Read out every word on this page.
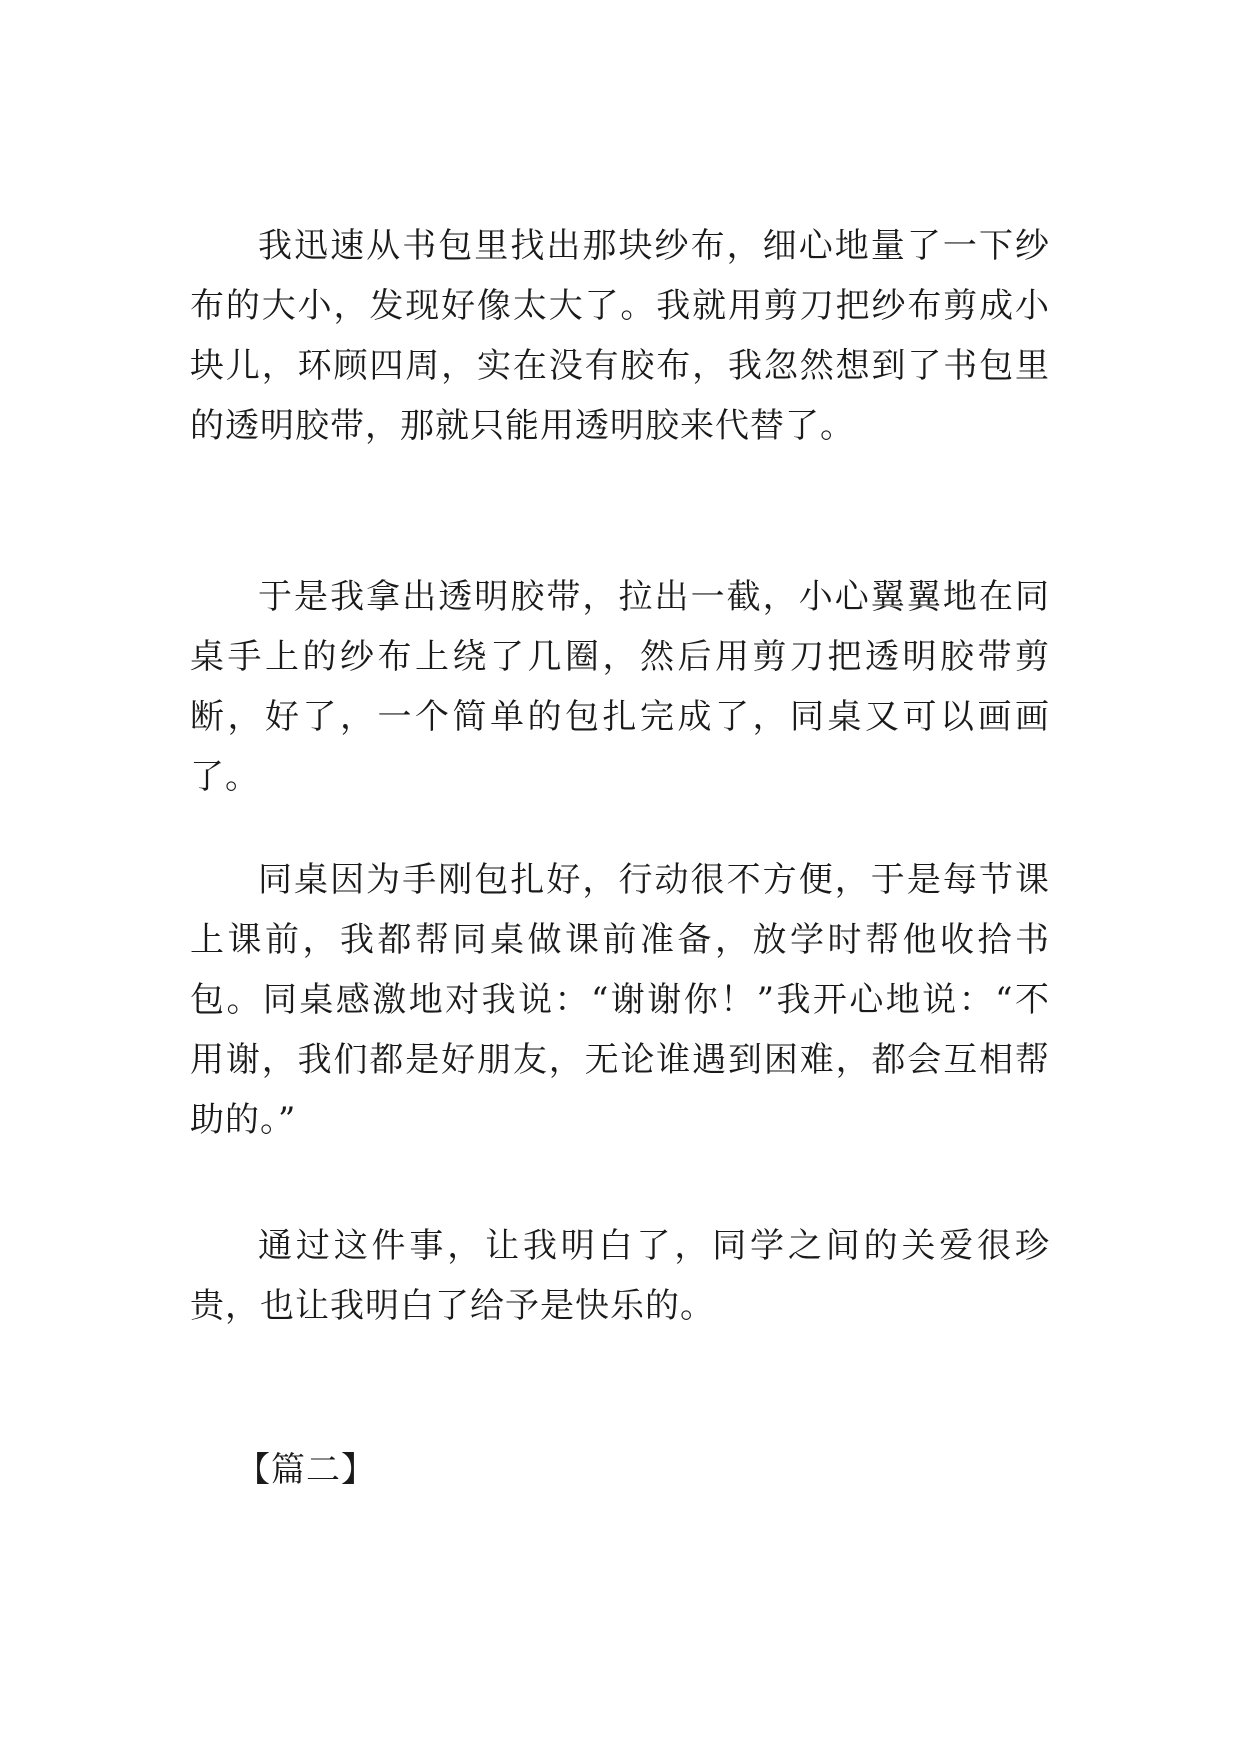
我迅速从书包里找出那块纱布，细心地量了一下纱布的大小，发现好像太大了。我就用剪刀把纱布剪成小块儿，环顾四周，实在没有胶布，我忽然想到了书包里的透明胶带，那就只能用透明胶来代替了。

于是我拿出透明胶带，拉出一截，小心翼翼地在同桌手上的纱布上绕了几圈，然后用剪刀把透明胶带剪断，好了，一个简单的包扎完成了，同桌又可以画画了。

同桌因为手刚包扎好，行动很不方便，于是每节课上课前，我都帮同桌做课前准备，放学时帮他收拾书包。同桌感激地对我说：“谢谢你！”我开心地说：“不用谢，我们都是好朋友，无论谁遇到困难，都会互相帮助的。”

通过这件事，让我明白了，同学之间的关爱很珍贵，也让我明白了给予是快乐的。

【篇二】
